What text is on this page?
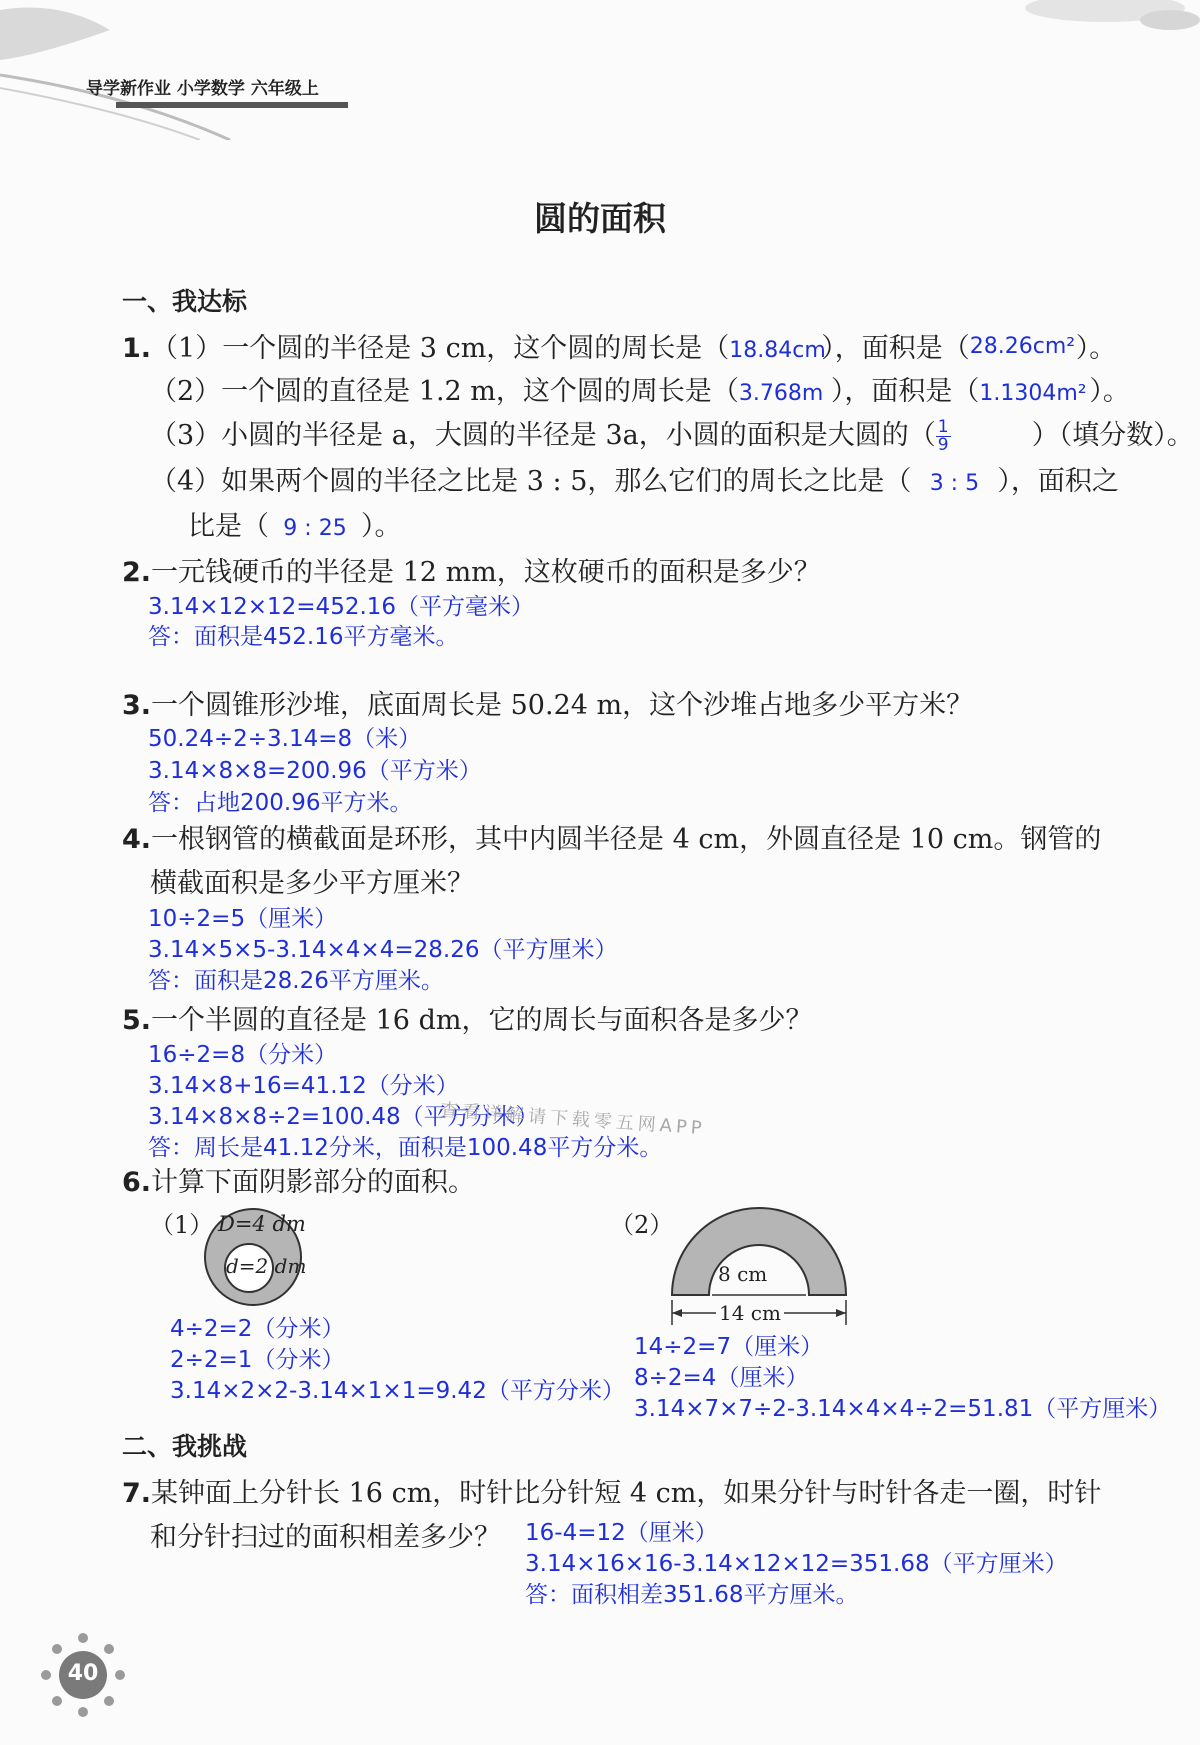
导学新作业 小学数学 六年级上
圆的面积
一、我达标
1.（1）一个圆的半径是 3 cm，这个圆的周长是（18.84cm），面积是（28.26cm²）。
（2）一个圆的直径是 1.2 m，这个圆的周长是（3.768m ），面积是（1.1304m² ）。
（3）小圆的半径是 a，大圆的半径是 3a，小圆的面积是大圆的（ $\frac{1}{9}$	）（填分数）。
（4）如果两个圆的半径之比是 3 : 5，那么它们的周长之比是（ 3 : 5 ），面积之
比是（ 9 : 25 ）。
2.一元钱硬币的半径是 12 mm，这枚硬币的面积是多少？
3.14×12×12=452.16（平方毫米）
答：面积是452.16平方毫米。
3.一个圆锥形沙堆，底面周长是 50.24 m，这个沙堆占地多少平方米？
50.24÷2÷3.14=8（米）
3.14×8×8=200.96（平方米）
答：占地200.96平方米。
4.一根钢管的横截面是环形，其中内圆半径是 4 cm，外圆直径是 10 cm。钢管的
横截面积是多少平方厘米？
10÷2=5（厘米）
3.14×5×5-3.14×4×4=28.26（平方厘米）
答：面积是28.26平方厘米。
5.一个半圆的直径是 16 dm，它的周长与面积各是多少？
16÷2=8（分米）
3.14×8+16=41.12（分米）
3.14×8×8÷2=100.48（平方分米）
答：周长是41.12分米，面积是100.48平方分米。
查看详解请下载零五网APP
6.计算下面阴影部分的面积。
（1） D=4 dm
d=2 dm
4÷2=2（分米）
2÷2=1（分米）
3.14×2×2-3.14×1×1=9.42（平方分米）
（2）
8 cm
14 cm
14÷2=7（厘米）
8÷2=4（厘米）
3.14×7×7÷2-3.14×4×4÷2=51.81（平方厘米）
二、我挑战
7.某钟面上分针长 16 cm，时针比分针短 4 cm，如果分针与时针各走一圈，时针
和分针扫过的面积相差多少？ 16-4=12（厘米）
3.14×16×16-3.14×12×12=351.68（平方厘米）
答：面积相差351.68平方厘米。
40
